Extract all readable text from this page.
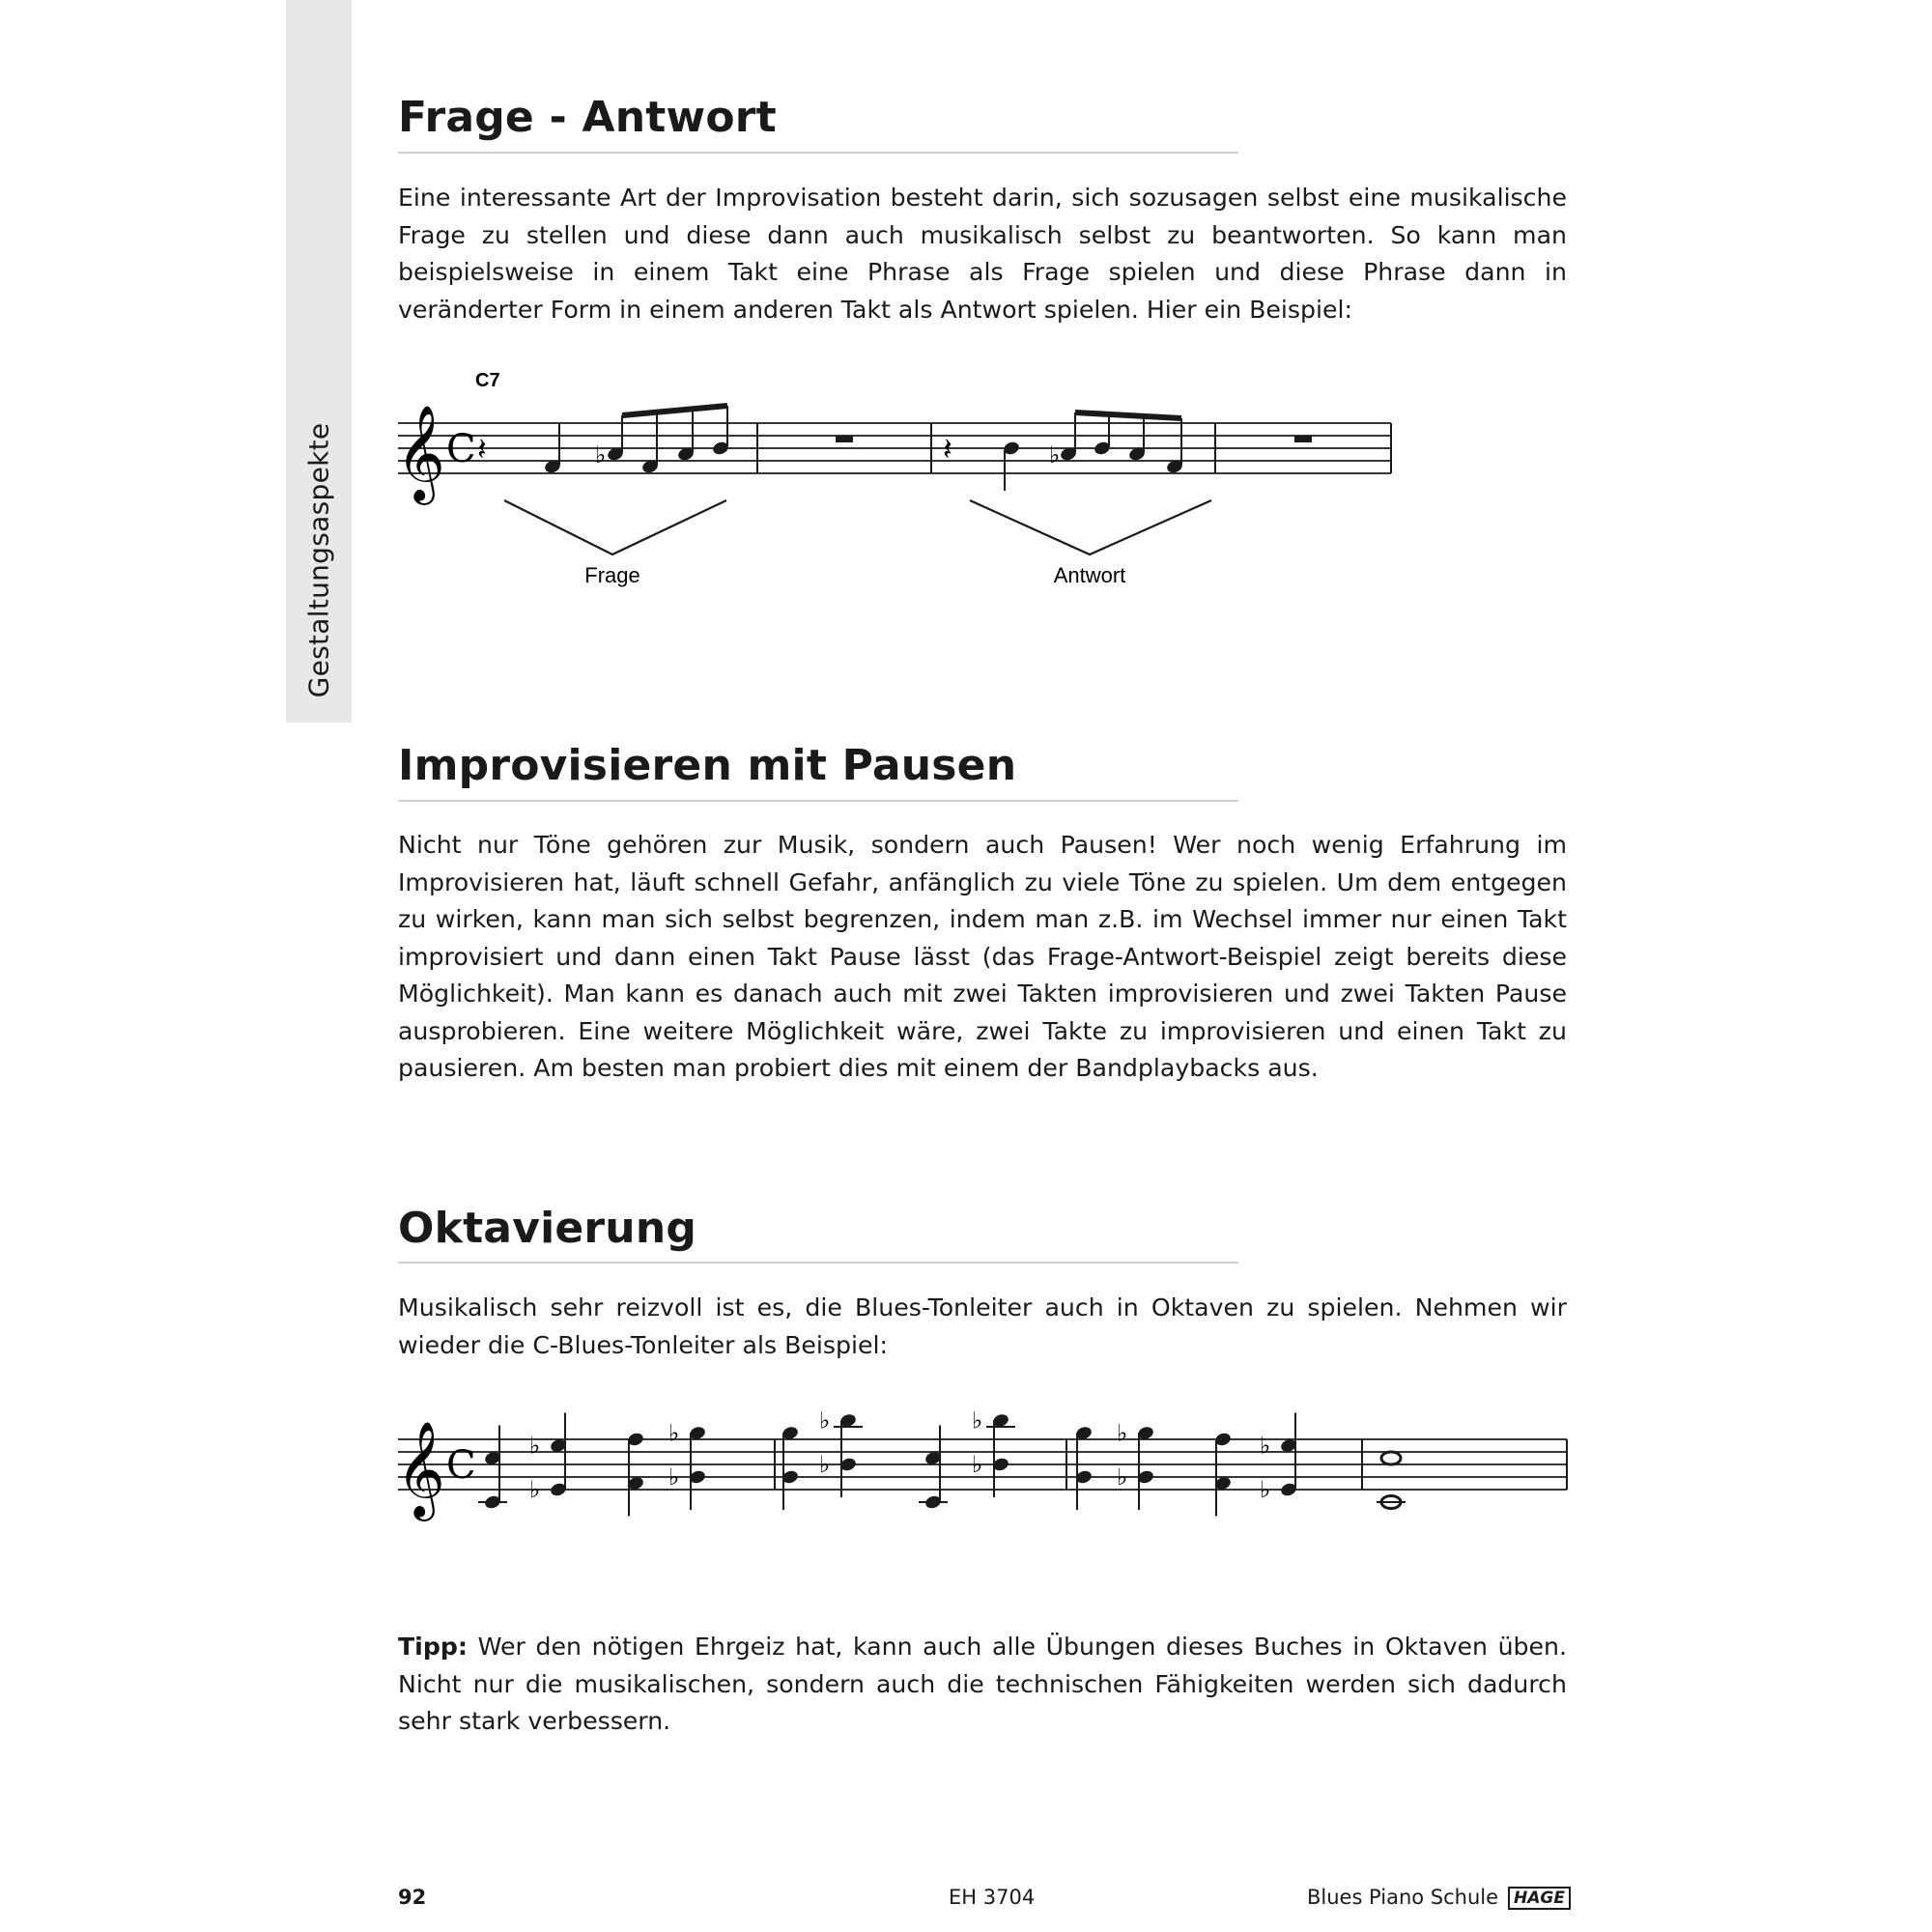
Gestaltungsaspekte
Frage - Antwort

Eine interessante Art der Improvisation besteht darin, sich sozusagen selbst eine musikalische Frage zu stellen und diese dann auch musikalisch selbst zu beantworten. So kann man beispielsweise in einem Takt eine Phrase als Frage spielen und diese Phrase dann in veränderter Form in einem anderen Takt als Antwort spielen. Hier ein Beispiel:

C7
𝄞 C 𝄽	♭	𝄽	♭
Frage	Antwort
Improvisieren mit Pausen

Nicht nur Töne gehören zur Musik, sondern auch Pausen! Wer noch wenig Erfahrung im Improvisieren hat, läuft schnell Gefahr, anfänglich zu viele Töne zu spielen. Um dem entgegen zu wirken, kann man sich selbst begrenzen, indem man z.B. im Wechsel immer nur einen Takt improvisiert und dann einen Takt Pause lässt (das Frage-Antwort-Beispiel zeigt bereits diese Möglichkeit). Man kann es danach auch mit zwei Takten improvisieren und zwei Takten Pause ausprobieren. Eine weitere Möglichkeit wäre, zwei Takte zu improvisieren und einen Takt zu pausieren. Am besten man probiert dies mit einem der Bandplaybacks aus.

Oktavierung

Musikalisch sehr reizvoll ist es, die Blues-Tonleiter auch in Oktaven zu spielen. Nehmen wir wieder die C-Blues-Tonleiter als Beispiel:

𝄞 C
♭
♭
♭
♭
♭
♭
♭
♭
♭
♭
♭
♭

Tipp: Wer den nötigen Ehrgeiz hat, kann auch alle Übungen dieses Buches in Oktaven üben. Nicht nur die musikalischen, sondern auch die technischen Fähigkeiten werden sich dadurch sehr stark verbessern.

92	EH 3704	Blues Piano Schule HAGE
